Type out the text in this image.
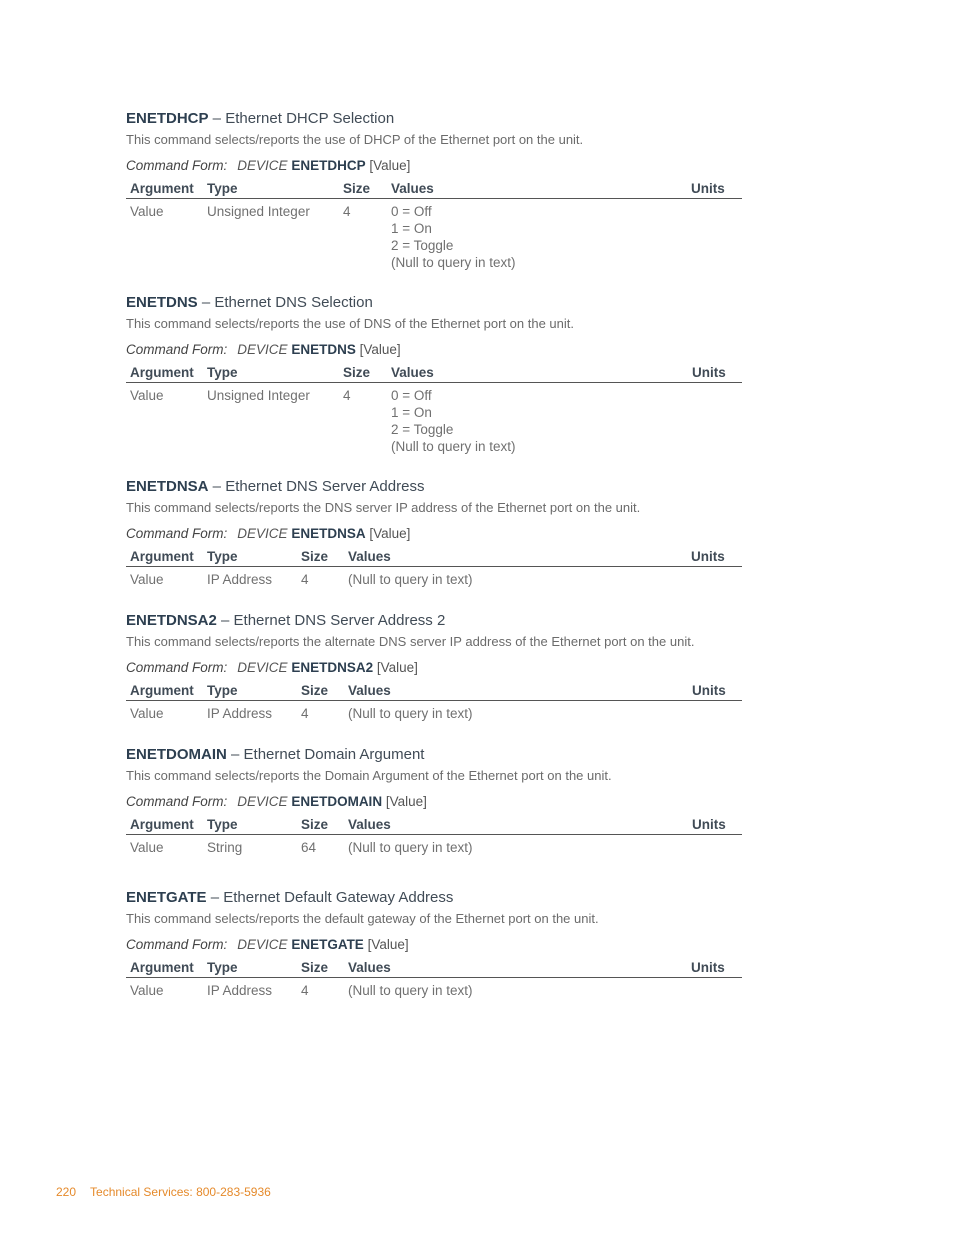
ENETDHCP – Ethernet DHCP Selection
This command selects/reports the use of DHCP of the Ethernet port on the unit.
Command Form: DEVICE ENETDHCP [Value]
Argument Type	Size Values	Units
Value	Unsigned Integer 4	0 = Off
1 = On
2 = Toggle
(Null to query in text)
ENETDNS – Ethernet DNS Selection
This command selects/reports the use of DNS of the Ethernet port on the unit.
Command Form: DEVICE ENETDNS [Value]
Argument Type	Size Values	Units
Value	Unsigned Integer 4	0 = Off
1 = On
2 = Toggle
(Null to query in text)
ENETDNSA – Ethernet DNS Server Address
This command selects/reports the DNS server IP address of the Ethernet port on the unit.
Command Form: DEVICE ENETDNSA [Value]
Argument Type	Size Values	Units
Value	IP Address 4	(Null to query in text)
ENETDNSA2 – Ethernet DNS Server Address 2
This command selects/reports the alternate DNS server IP address of the Ethernet port on the unit.
Command Form: DEVICE ENETDNSA2 [Value]
Argument Type	Size Values	Units
Value	IP Address 4	(Null to query in text)
ENETDOMAIN – Ethernet Domain Argument
This command selects/reports the Domain Argument of the Ethernet port on the unit.
Command Form: DEVICE ENETDOMAIN [Value]
Argument Type	Size Values	Units
Value	String	64 (Null to query in text)
ENETGATE – Ethernet Default Gateway Address
This command selects/reports the default gateway of the Ethernet port on the unit.
Command Form: DEVICE ENETGATE [Value]
Argument Type	Size Values	Units
Value	IP Address 4	(Null to query in text)
220 Technical Services: 800-283-5936
